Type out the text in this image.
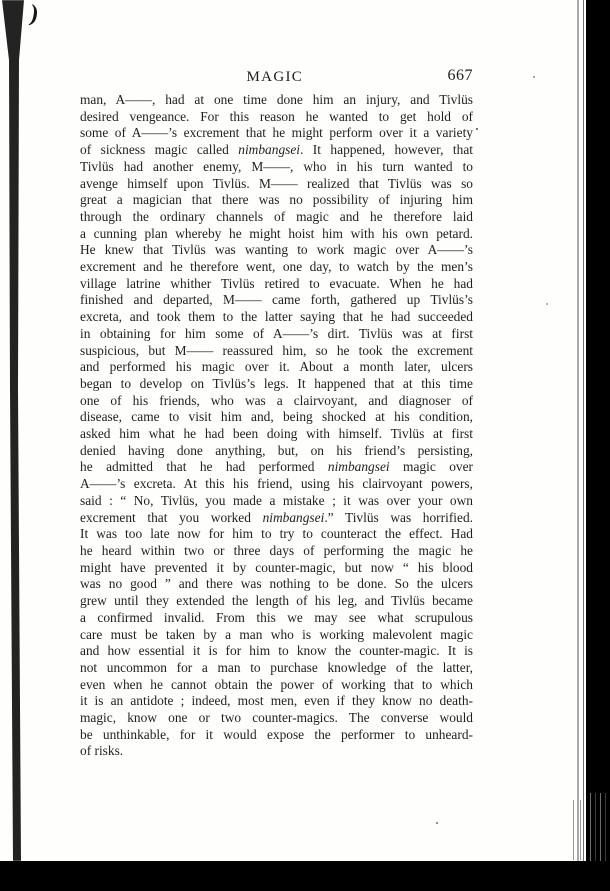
)
MAGIC	667
man, A——, had at one time done him an injury, and Tivlüs
desired vengeance. For this reason he wanted to get hold of
some of A——’s excrement that he might perform over it a variety
of sickness magic called nimbangsei. It happened, however, that
Tivlüs had another enemy, M——, who in his turn wanted to
avenge himself upon Tivlüs. M—— realized that Tivlüs was so
great a magician that there was no possibility of injuring him
through the ordinary channels of magic and he therefore laid
a cunning plan whereby he might hoist him with his own petard.
He knew that Tivlüs was wanting to work magic over A——’s
excrement and he therefore went, one day, to watch by the men’s
village latrine whither Tivlüs retired to evacuate. When he had
finished and departed, M—— came forth, gathered up Tivlüs’s
excreta, and took them to the latter saying that he had succeeded
in obtaining for him some of A——’s dirt. Tivlüs was at first
suspicious, but M—— reassured him, so he took the excrement
and performed his magic over it. About a month later, ulcers
began to develop on Tivlüs’s legs. It happened that at this time
one of his friends, who was a clairvoyant, and diagnoser of
disease, came to visit him and, being shocked at his condition,
asked him what he had been doing with himself. Tivlüs at first
denied having done anything, but, on his friend’s persisting,
he admitted that he had performed nimbangsei magic over
A——’s excreta. At this his friend, using his clairvoyant powers,
said : “ No, Tivlüs, you made a mistake ; it was over your own
excrement that you worked nimbangsei.” Tivlüs was horrified.
It was too late now for him to try to counteract the effect. Had
he heard within two or three days of performing the magic he
might have prevented it by counter-magic, but now “ his blood
was no good ” and there was nothing to be done. So the ulcers
grew until they extended the length of his leg, and Tivlüs became
a confirmed invalid. From this we may see what scrupulous
care must be taken by a man who is working malevolent magic
and how essential it is for him to know the counter-magic. It is
not uncommon for a man to purchase knowledge of the latter,
even when he cannot obtain the power of working that to which
it is an antidote ; indeed, most men, even if they know no death-
magic, know one or two counter-magics. The converse would
be unthinkable, for it would expose the performer to unheard-
of risks.
